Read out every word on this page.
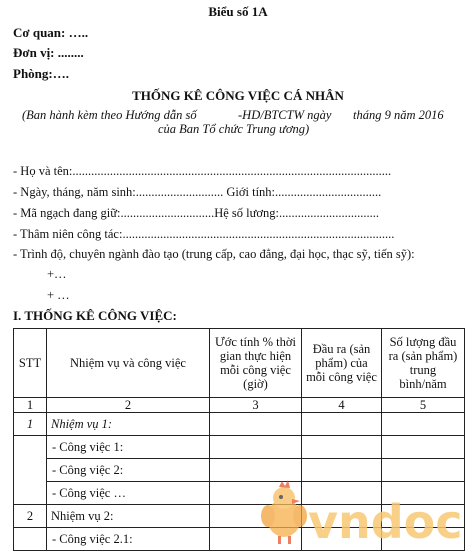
Biểu số 1A
Cơ quan: …..
Đơn vị: ........
Phòng:….
THỐNG KÊ CÔNG VIỆC CÁ NHÂN
(Ban hành kèm theo Hướng dẫn số	-HD/BTCTW ngày tháng 9 năm 2016
của Ban Tổ chức Trung ương)
- Họ và tên:......................................................................................................
- Ngày, tháng, năm sinh:............................ Giới tính:..................................
- Mã ngạch đang giữ:..............................Hệ số lương:................................
- Thâm niên công tác:.......................................................................................
- Trình độ, chuyên ngành đào tạo (trung cấp, cao đẳng, đại học, thạc sỹ, tiến sỹ):
+…
+ …
I. THỐNG KÊ CÔNG VIỆC:
STT	Nhiệm vụ và công việc	Ước tính % thời gian thực hiện mỗi công việc (giờ)	Đầu ra (sản phẩm) của mỗi công việc	Số lượng đầu ra (sản phẩm) trung bình/năm
1	2	3	4	5
1	Nhiệm vụ 1:			
	- Công việc 1:			
	- Công việc 2:			
	- Công việc …			
2	Nhiệm vụ 2:			
	- Công việc 2.1:				vndoc
